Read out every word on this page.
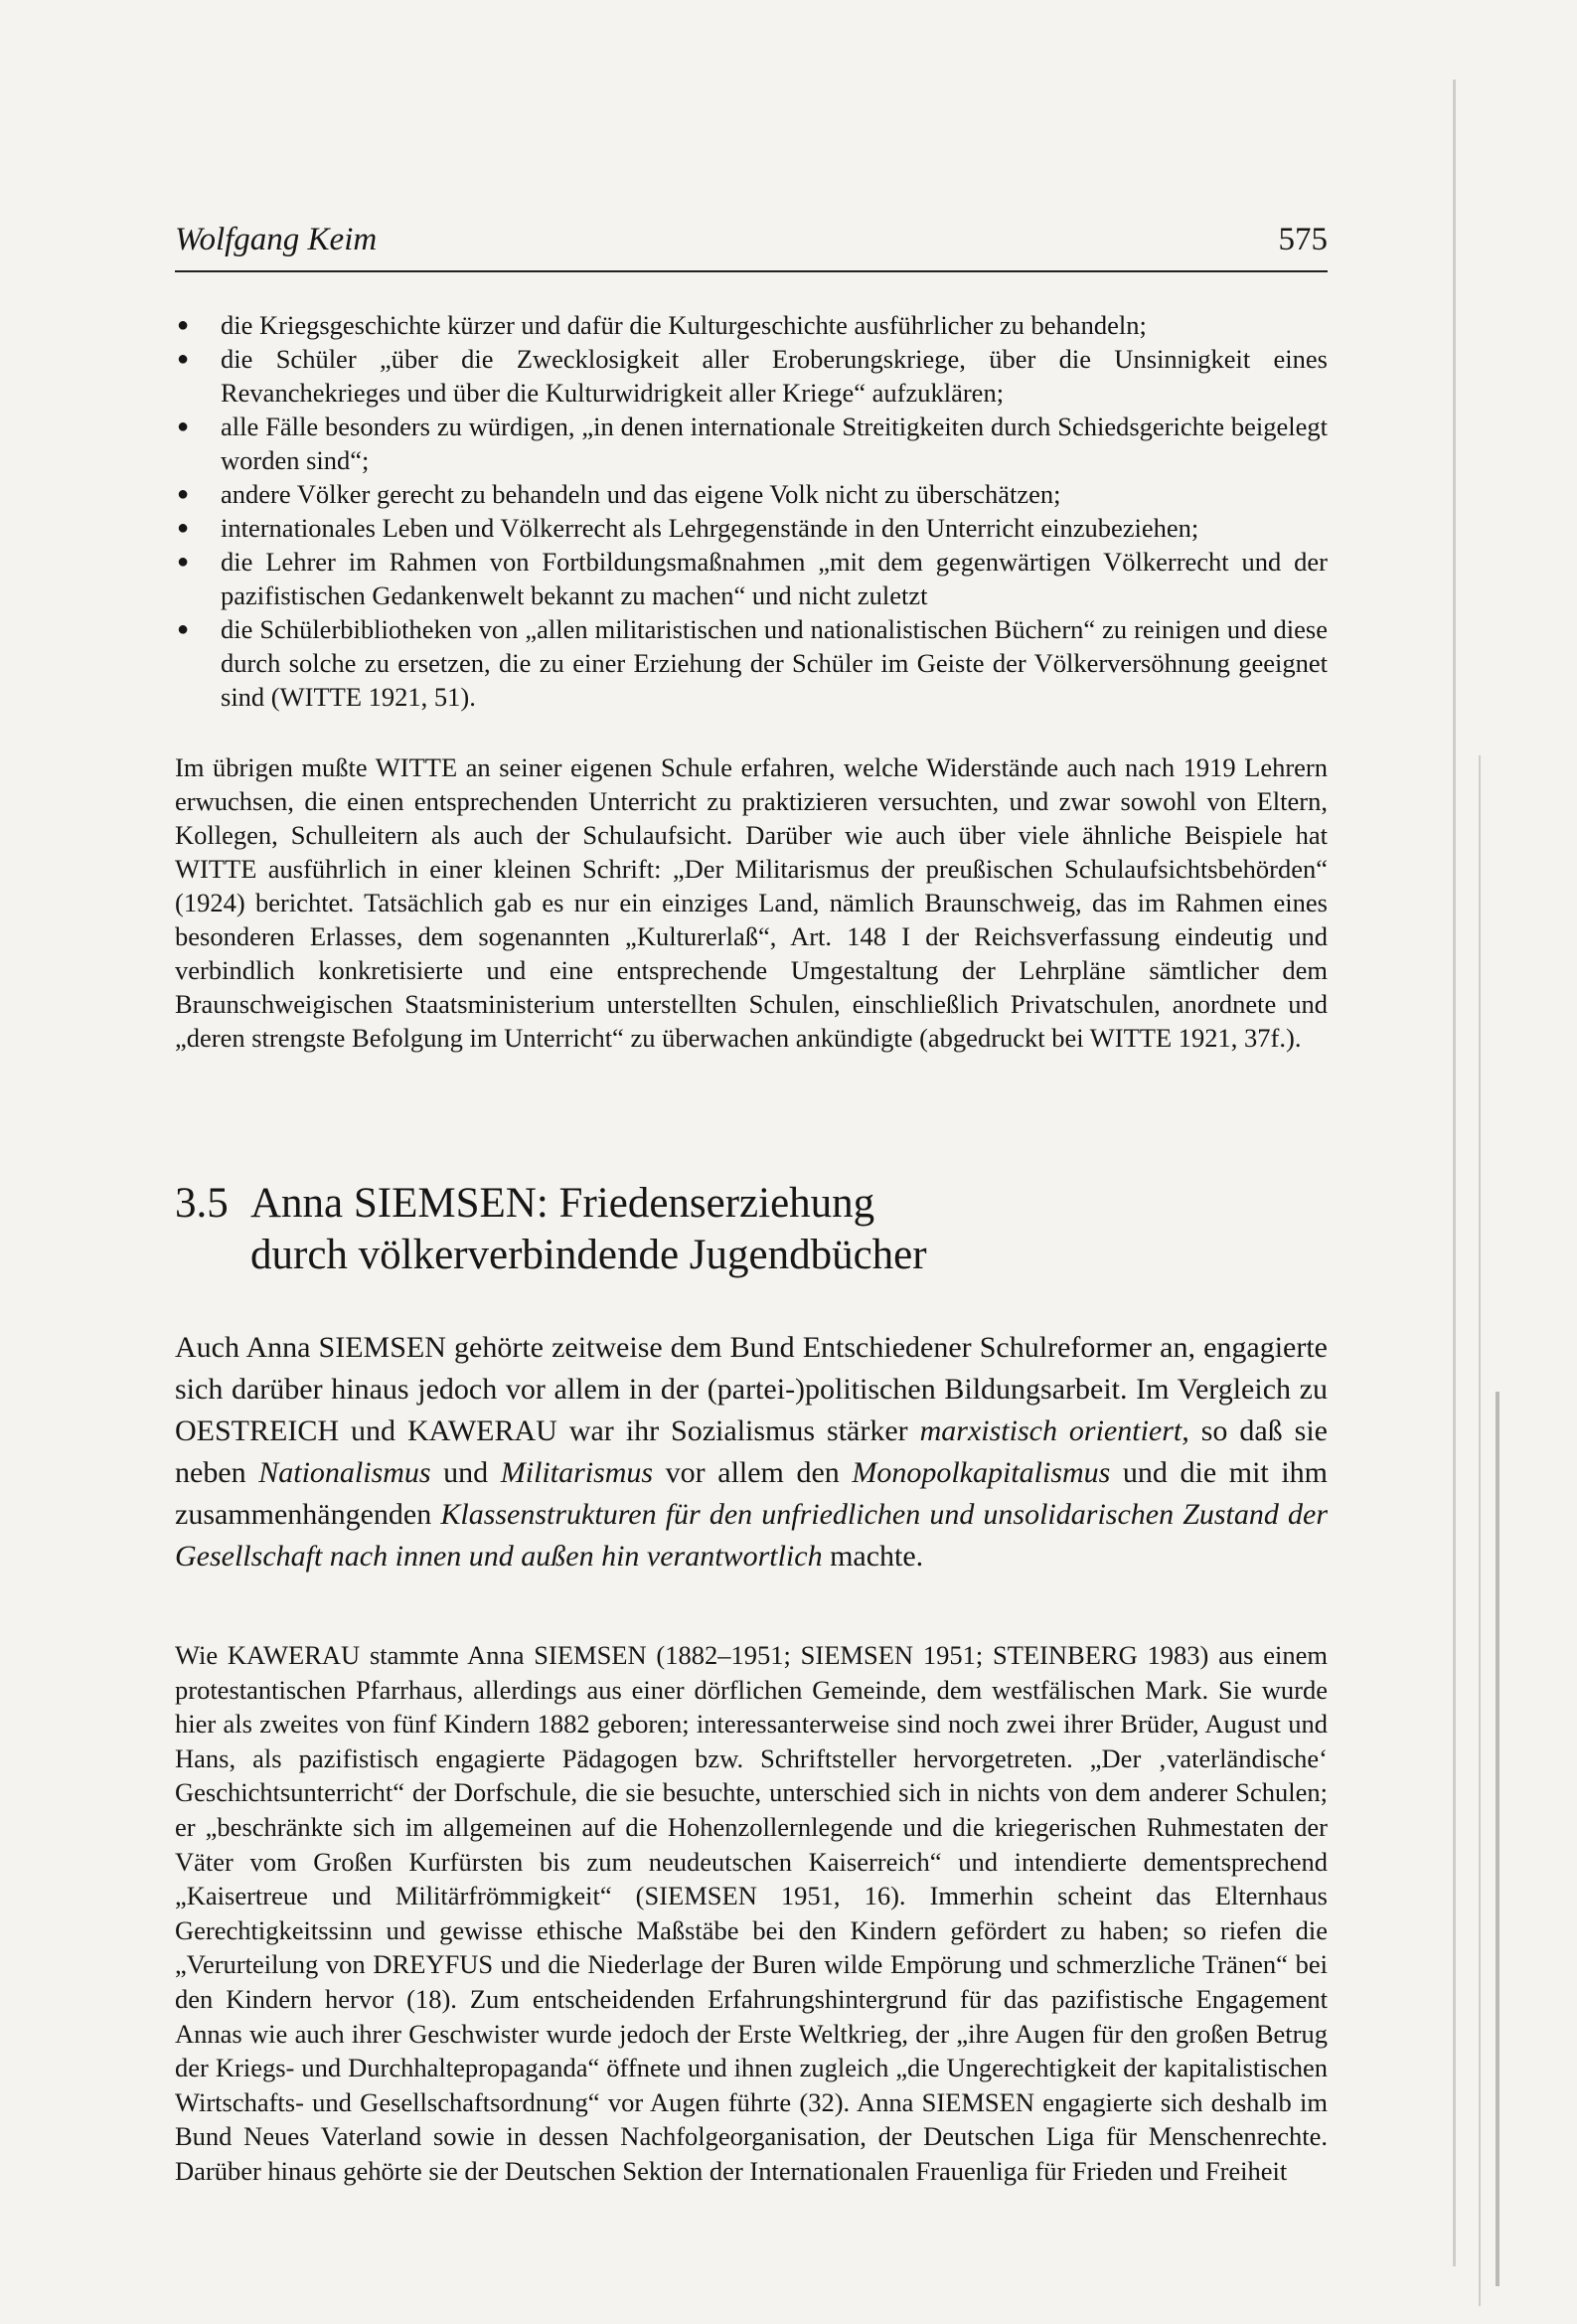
Wolfgang Keim	575
● die Kriegsgeschichte kürzer und dafür die Kulturgeschichte ausführlicher zu behandeln;
● die Schüler „über die Zwecklosigkeit aller Eroberungskriege, über die Unsinnigkeit eines Revanchekrieges und über die Kulturwidrigkeit aller Kriege“ aufzuklären;
● alle Fälle besonders zu würdigen, „in denen internationale Streitigkeiten durch Schiedsgerichte beigelegt worden sind“;
● andere Völker gerecht zu behandeln und das eigene Volk nicht zu überschätzen;
● internationales Leben und Völkerrecht als Lehrgegenstände in den Unterricht einzubeziehen;
● die Lehrer im Rahmen von Fortbildungsmaßnahmen „mit dem gegenwärtigen Völkerrecht und der pazifistischen Gedankenwelt bekannt zu machen“ und nicht zuletzt
● die Schülerbibliotheken von „allen militaristischen und nationalistischen Büchern“ zu reinigen und diese durch solche zu ersetzen, die zu einer Erziehung der Schüler im Geiste der Völkerversöhnung geeignet sind (WITTE 1921, 51).

Im übrigen mußte WITTE an seiner eigenen Schule erfahren, welche Widerstände auch nach 1919 Lehrern erwuchsen, die einen entsprechenden Unterricht zu praktizieren versuchten, und zwar sowohl von Eltern, Kollegen, Schulleitern als auch der Schulaufsicht. Darüber wie auch über viele ähnliche Beispiele hat WITTE ausführlich in einer kleinen Schrift: „Der Militarismus der preußischen Schulaufsichtsbehörden“ (1924) berichtet. Tatsächlich gab es nur ein einziges Land, nämlich Braunschweig, das im Rahmen eines besonderen Erlasses, dem sogenannten „Kulturerlaß“, Art. 148 I der Reichsverfassung eindeutig und verbindlich konkretisierte und eine entsprechende Umgestaltung der Lehrpläne sämtlicher dem Braunschweigischen Staatsministerium unterstellten Schulen, einschließlich Privatschulen, anordnete und „deren strengste Befolgung im Unterricht“ zu überwachen ankündigte (abgedruckt bei WITTE 1921, 37f.).

3.5 Anna SIEMSEN: Friedenserziehung
durch völkerverbindende Jugendbücher

Auch Anna SIEMSEN gehörte zeitweise dem Bund Entschiedener Schulreformer an, engagierte sich darüber hinaus jedoch vor allem in der (partei-)politischen Bildungsarbeit. Im Vergleich zu OESTREICH und KAWERAU war ihr Sozialismus stärker marxistisch orientiert, so daß sie neben Nationalismus und Militarismus vor allem den Monopolkapitalismus und die mit ihm zusammenhängenden Klassenstrukturen für den unfriedlichen und unsolidarischen Zustand der Gesellschaft nach innen und außen hin verantwortlich machte.

Wie KAWERAU stammte Anna SIEMSEN (1882–1951; SIEMSEN 1951; STEINBERG 1983) aus einem protestantischen Pfarrhaus, allerdings aus einer dörflichen Gemeinde, dem westfälischen Mark. Sie wurde hier als zweites von fünf Kindern 1882 geboren; interessanterweise sind noch zwei ihrer Brüder, August und Hans, als pazifistisch engagierte Pädagogen bzw. Schriftsteller hervorgetreten. „Der ‚vaterländische‘ Geschichtsunterricht“ der Dorfschule, die sie besuchte, unterschied sich in nichts von dem anderer Schulen; er „beschränkte sich im allgemeinen auf die Hohenzollernlegende und die kriegerischen Ruhmestaten der Väter vom Großen Kurfürsten bis zum neudeutschen Kaiserreich“ und intendierte dementsprechend „Kaisertreue und Militärfrömmigkeit“ (SIEMSEN 1951, 16). Immerhin scheint das Elternhaus Gerechtigkeitssinn und gewisse ethische Maßstäbe bei den Kindern gefördert zu haben; so riefen die „Verurteilung von DREYFUS und die Niederlage der Buren wilde Empörung und schmerzliche Tränen“ bei den Kindern hervor (18). Zum entscheidenden Erfahrungshintergrund für das pazifistische Engagement Annas wie auch ihrer Geschwister wurde jedoch der Erste Weltkrieg, der „ihre Augen für den großen Betrug der Kriegs- und Durchhaltepropaganda“ öffnete und ihnen zugleich „die Ungerechtigkeit der kapitalistischen Wirtschafts- und Gesellschaftsordnung“ vor Augen führte (32). Anna SIEMSEN engagierte sich deshalb im Bund Neues Vaterland sowie in dessen Nachfolgeorganisation, der Deutschen Liga für Menschenrechte. Darüber hinaus gehörte sie der Deutschen Sektion der Internationalen Frauenliga für Frieden und Freiheit
